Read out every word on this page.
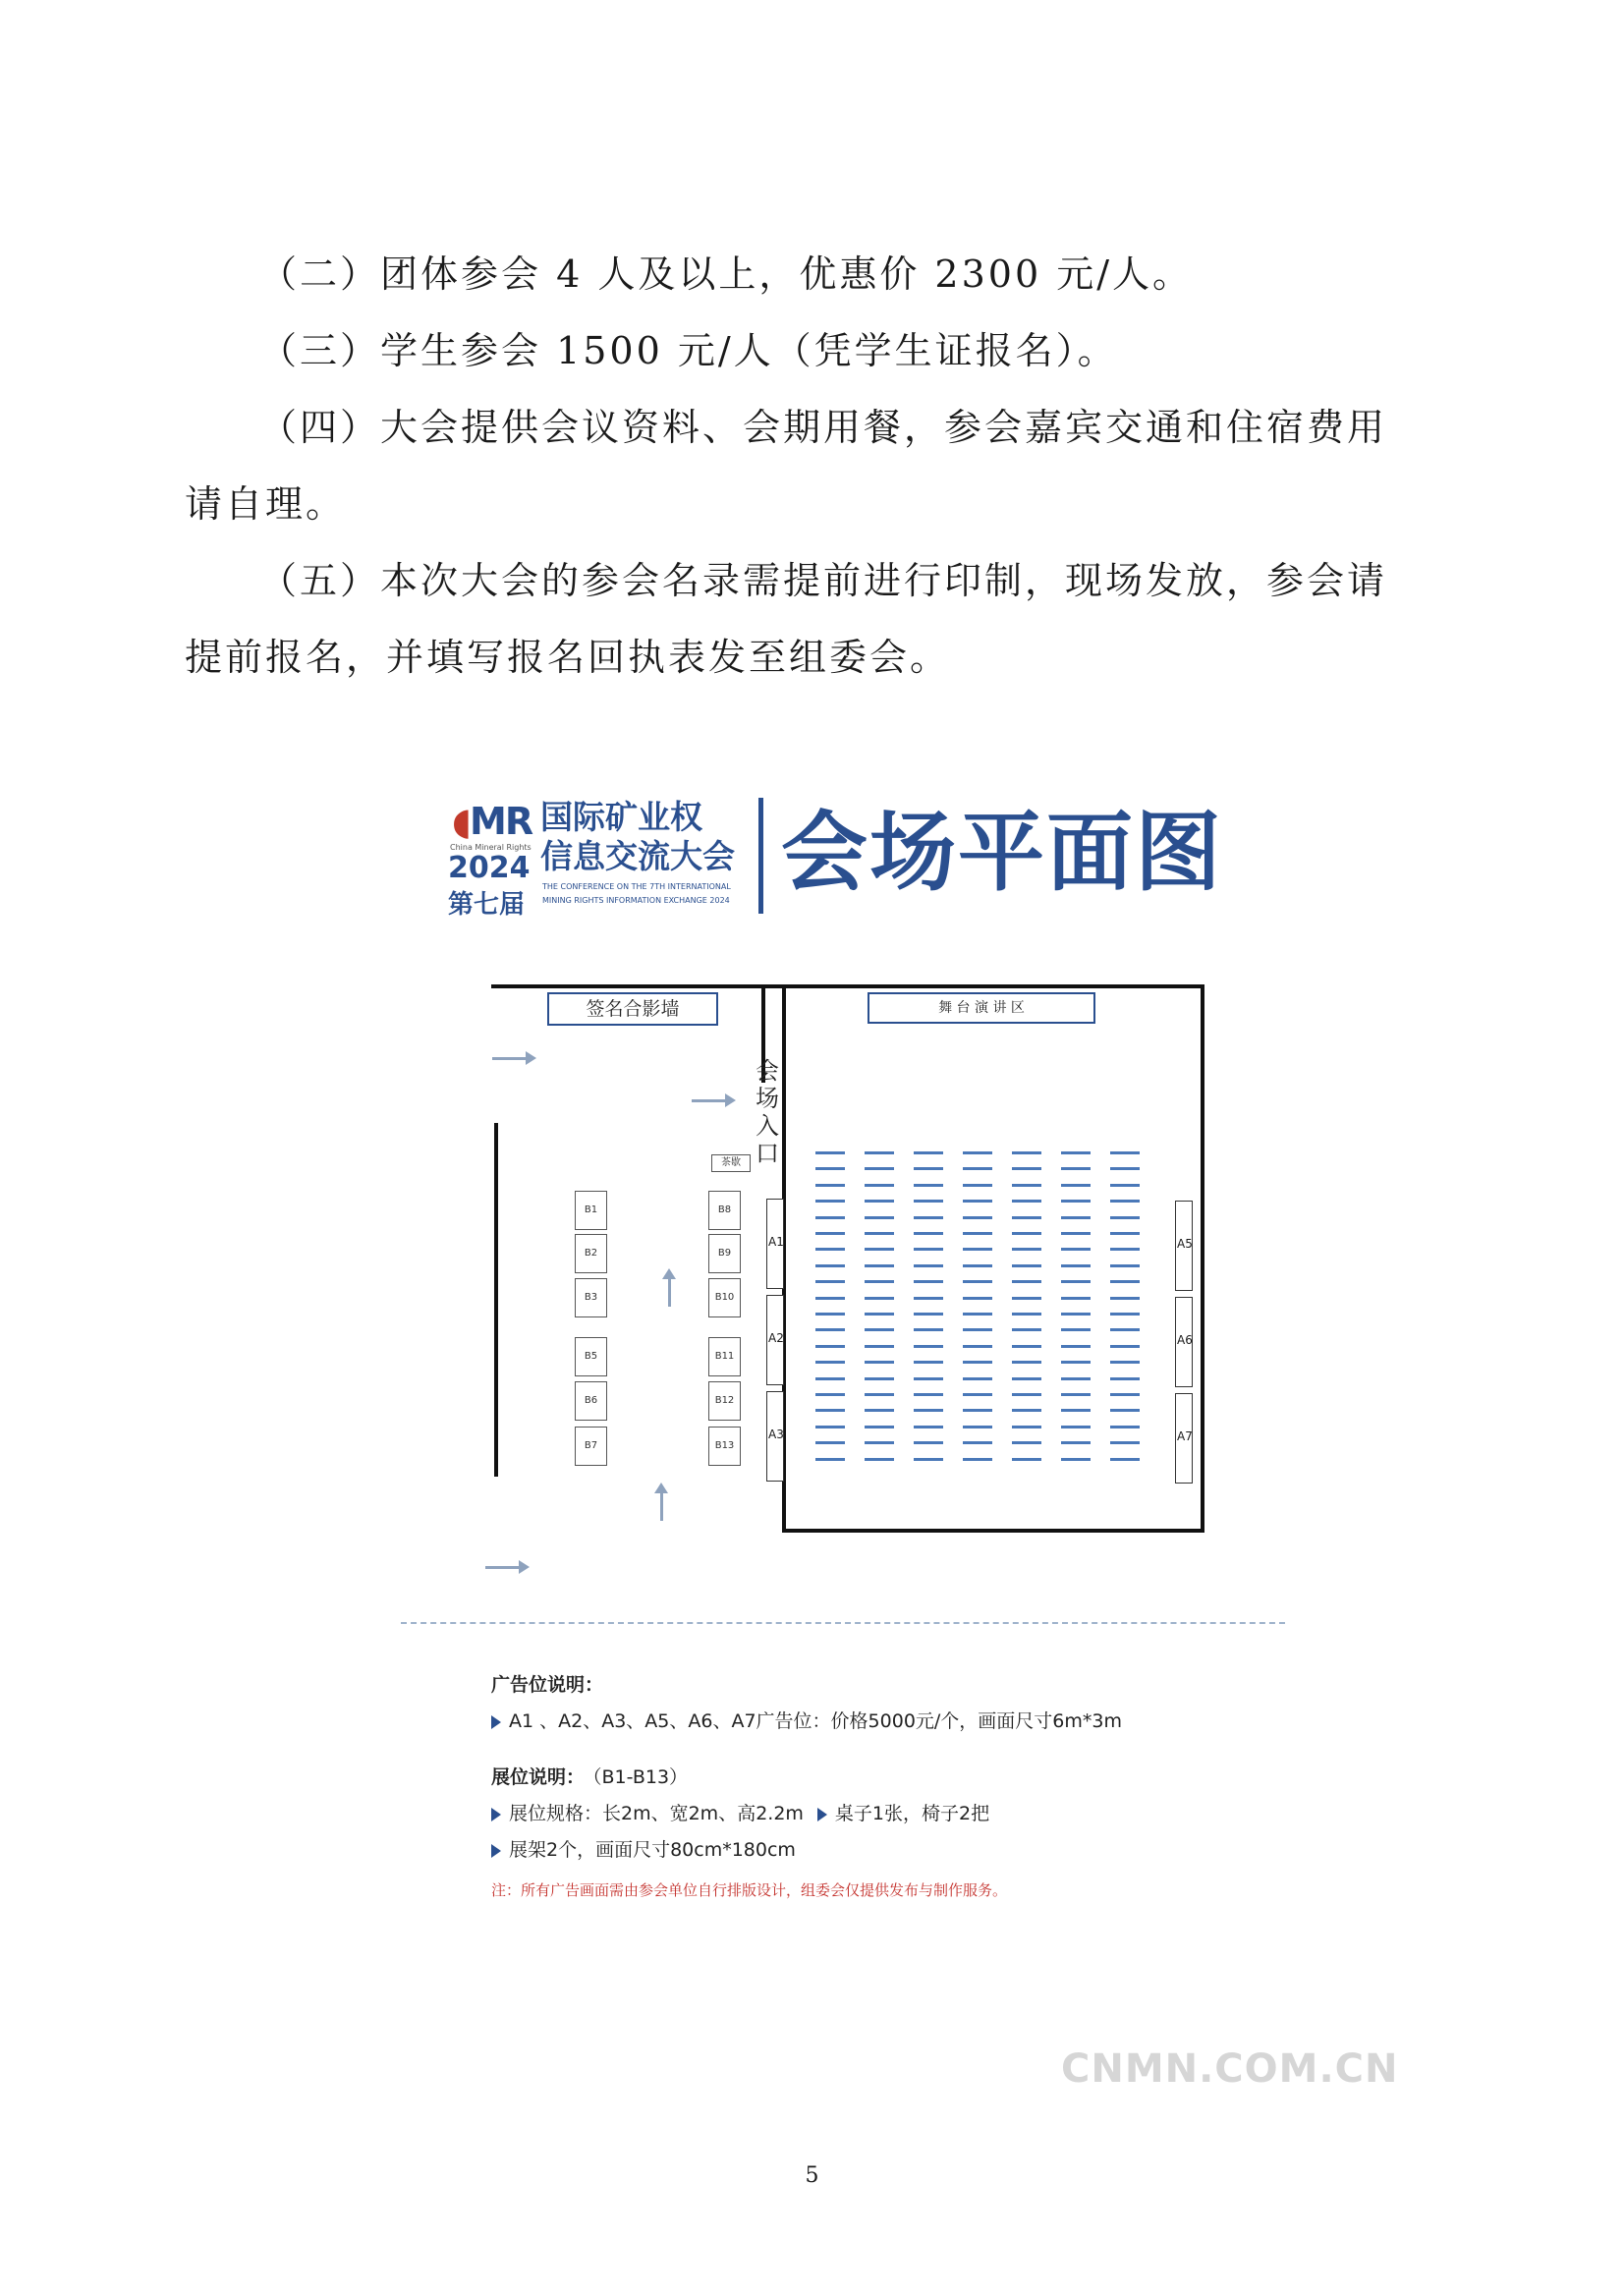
（二）团体参会 4 人及以上，优惠价 2300 元/人。

（三）学生参会 1500 元/人（凭学生证报名）。

（四）大会提供会议资料、会期用餐，参会嘉宾交通和住宿费用请自理。

（五）本次大会的参会名录需提前进行印制，现场发放，参会请提前报名，并填写报名回执表发至组委会。

◖MR
China Mineral Rights
2024
第七届
国际矿业权
信息交流大会
THE CONFERENCE ON THE 7TH INTERNATIONAL MINING RIGHTS INFORMATION EXCHANGE 2024 会场平面图
签名合影墙	舞 台 演 讲 区
会场入口
茶歇
B1
B2
B3
B5
B6
B7
B8
B9
B10
B11
B12
B13
A1
A2
A3
A5
A6
A7
广告位说明：
A1 、A2、A3、A5、A6、A7广告位：价格5000元/个，画面尺寸6m*3m
展位说明： （B1-B13）
展位规格：长2m、宽2m、高2.2m 桌子1张，椅子2把
展架2个，画面尺寸80cm*180cm
注：所有广告画面需由参会单位自行排版设计，组委会仅提供发布与制作服务。
CNMN.COM.CN
5
